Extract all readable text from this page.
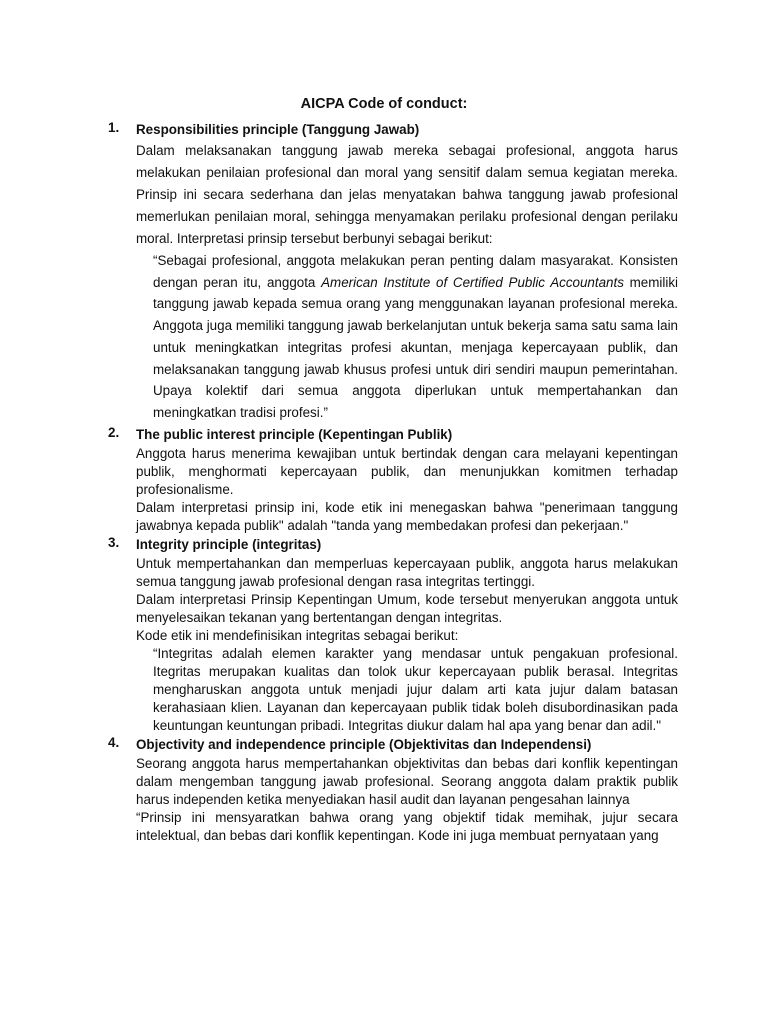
AICPA Code of conduct:
1.	Responsibilities principle (Tanggung Jawab)

Dalam melaksanakan tanggung jawab mereka sebagai profesional, anggota harus melakukan penilaian profesional dan moral yang sensitif dalam semua kegiatan mereka. Prinsip ini secara sederhana dan jelas menyatakan bahwa tanggung jawab profesional memerlukan penilaian moral, sehingga menyamakan perilaku profesional dengan perilaku moral. Interpretasi prinsip tersebut berbunyi sebagai berikut:

“Sebagai profesional, anggota melakukan peran penting dalam masyarakat. Konsisten dengan peran itu, anggota American Institute of Certified Public Accountants memiliki tanggung jawab kepada semua orang yang menggunakan layanan profesional mereka. Anggota juga memiliki tanggung jawab berkelanjutan untuk bekerja sama satu sama lain untuk meningkatkan integritas profesi akuntan, menjaga kepercayaan publik, dan melaksanakan tanggung jawab khusus profesi untuk diri sendiri maupun pemerintahan. Upaya kolektif dari semua anggota diperlukan untuk mempertahankan dan meningkatkan tradisi profesi.”

2.	The public interest principle (Kepentingan Publik)

Anggota harus menerima kewajiban untuk bertindak dengan cara melayani kepentingan publik, menghormati kepercayaan publik, dan menunjukkan komitmen terhadap profesionalisme.

Dalam interpretasi prinsip ini, kode etik ini menegaskan bahwa "penerimaan tanggung jawabnya kepada publik" adalah "tanda yang membedakan profesi dan pekerjaan."

3.	Integrity principle (integritas)

Untuk mempertahankan dan memperluas kepercayaan publik, anggota harus melakukan semua tanggung jawab profesional dengan rasa integritas tertinggi.

Dalam interpretasi Prinsip Kepentingan Umum, kode tersebut menyerukan anggota untuk menyelesaikan tekanan yang bertentangan dengan integritas.

Kode etik ini mendefinisikan integritas sebagai berikut:

“Integritas adalah elemen karakter yang mendasar untuk pengakuan profesional. Itegritas merupakan kualitas dan tolok ukur kepercayaan publik berasal. Integritas mengharuskan anggota untuk menjadi jujur dalam arti kata jujur dalam batasan kerahasiaan klien. Layanan dan kepercayaan publik tidak boleh disubordinasikan pada keuntungan keuntungan pribadi. Integritas diukur dalam hal apa yang benar dan adil."

4.	Objectivity and independence principle (Objektivitas dan Independensi)

Seorang anggota harus mempertahankan objektivitas dan bebas dari konflik kepentingan dalam mengemban tanggung jawab profesional. Seorang anggota dalam praktik publik harus independen ketika menyediakan hasil audit dan layanan pengesahan lainnya

“Prinsip ini mensyaratkan bahwa orang yang objektif tidak memihak, jujur secara intelektual, dan bebas dari konflik kepentingan. Kode ini juga membuat pernyataan yang
